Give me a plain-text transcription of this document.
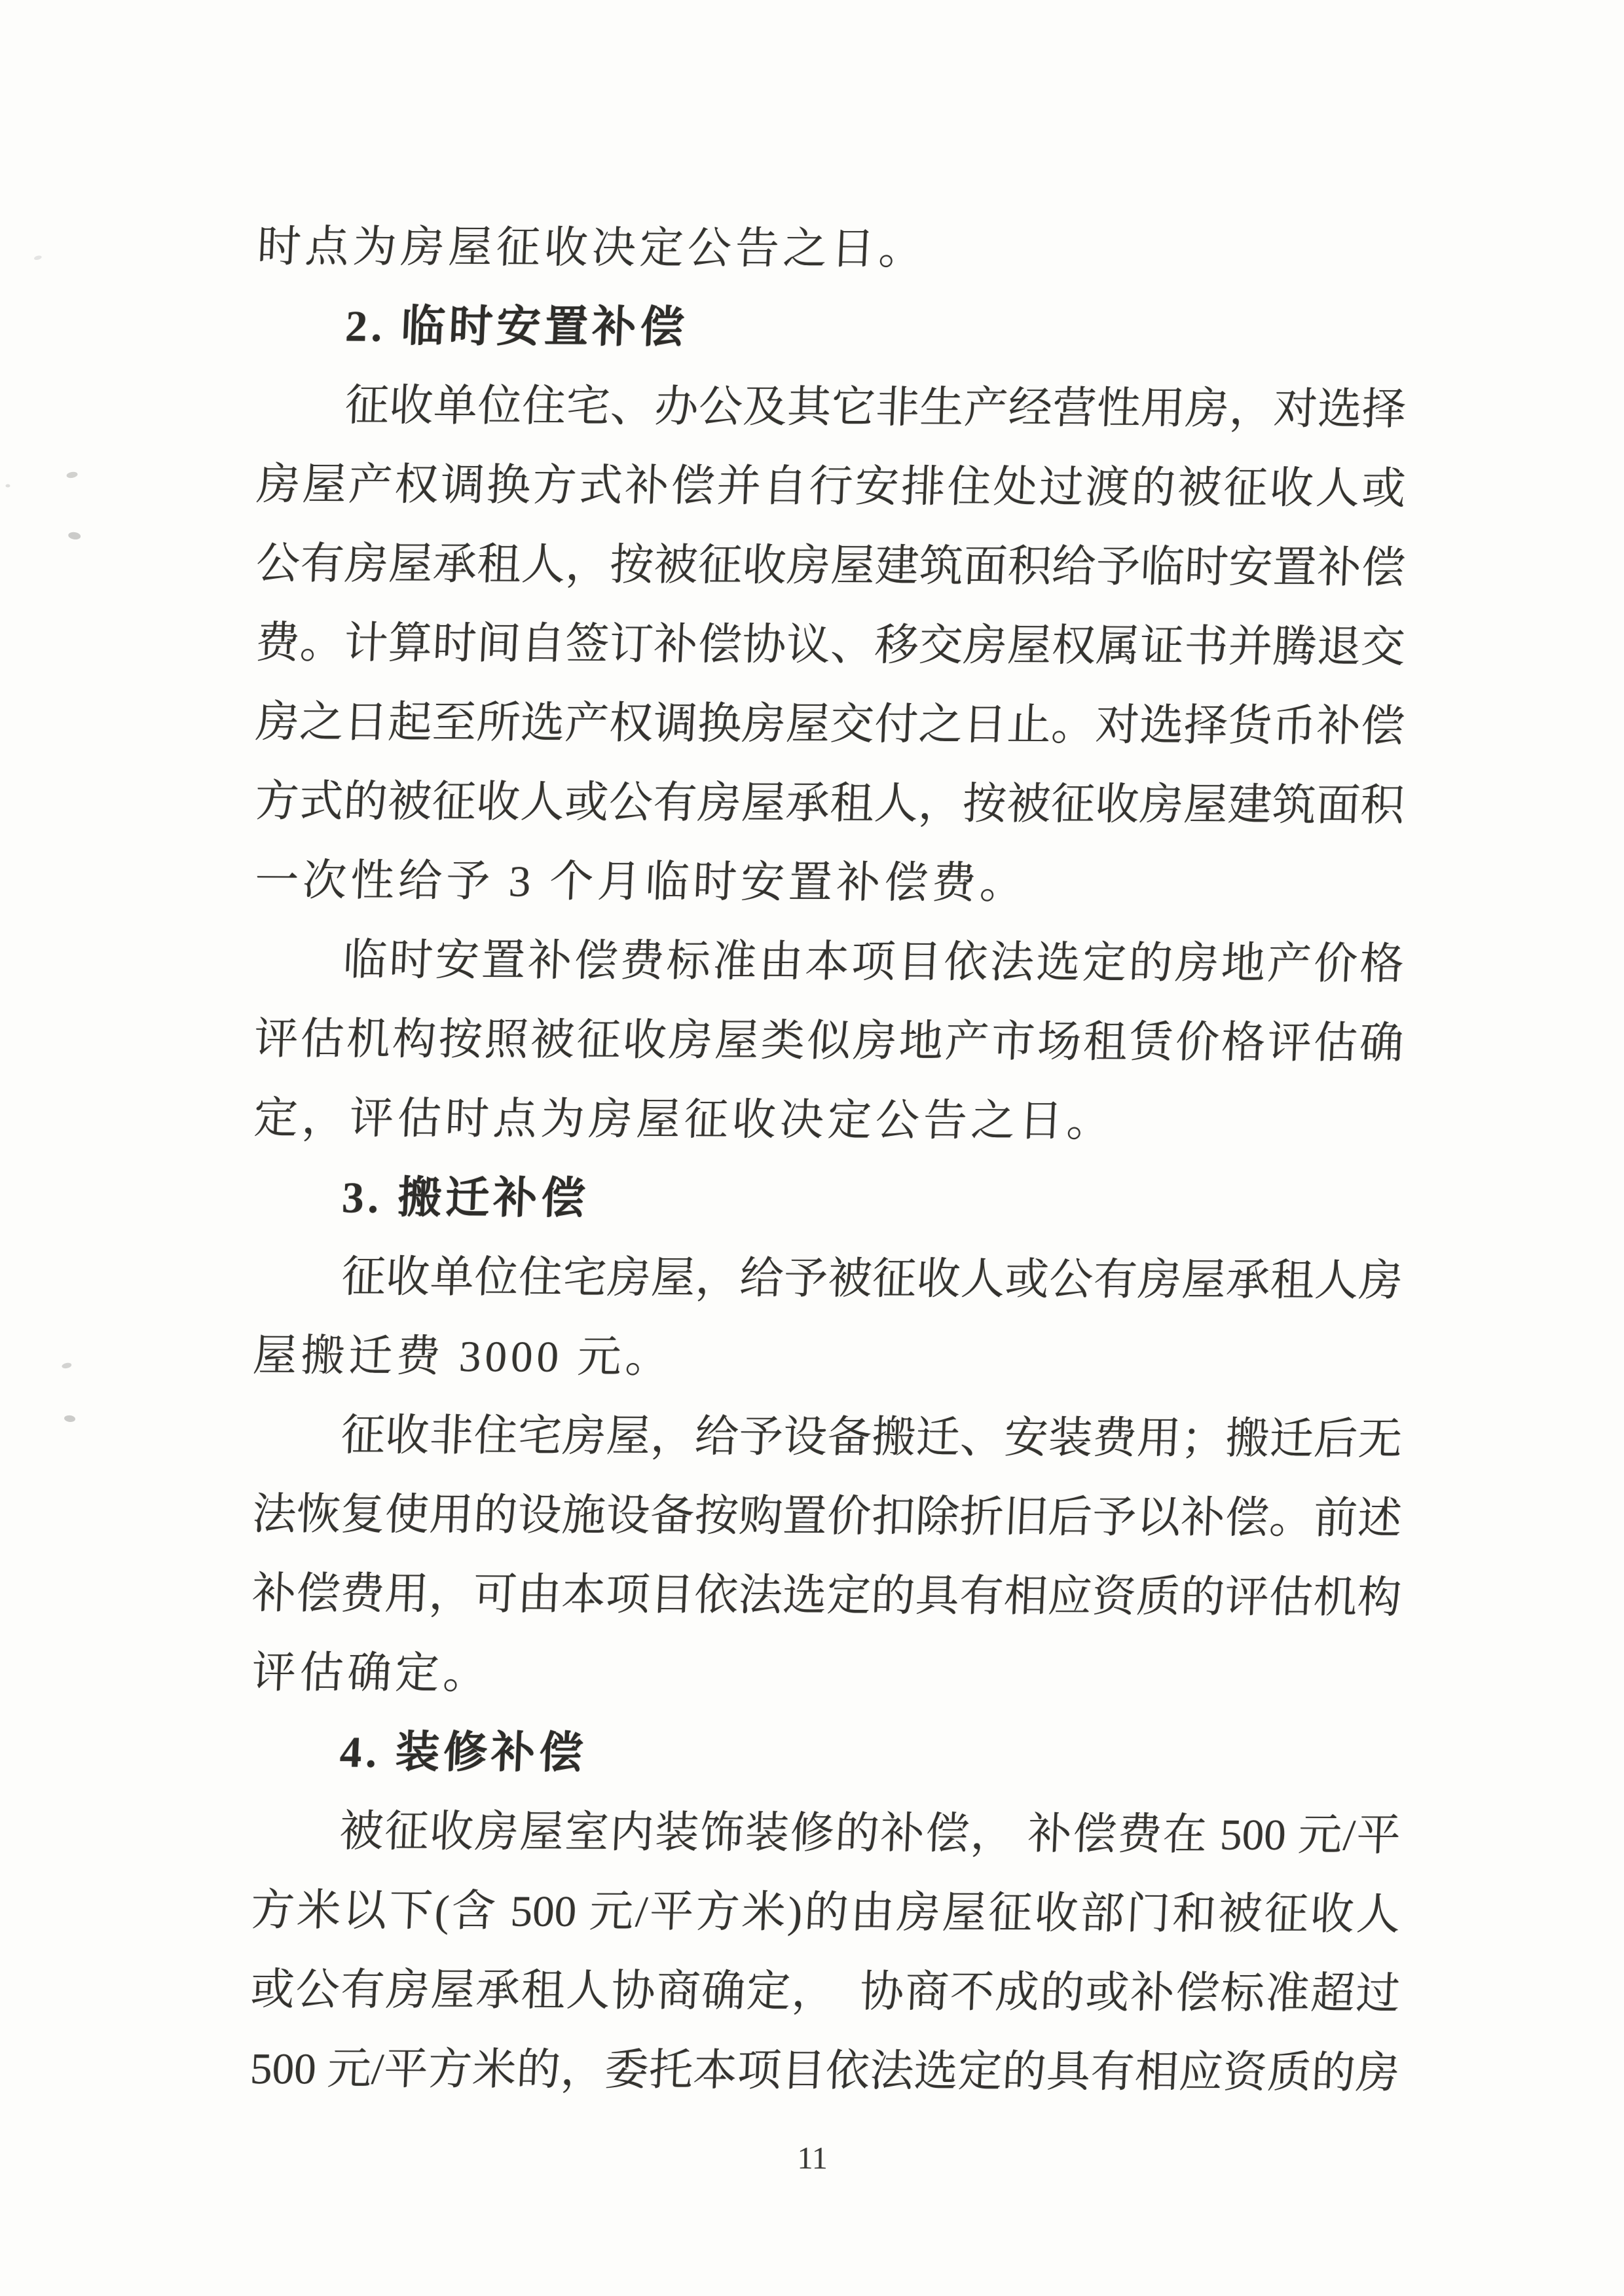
时点为房屋征收决定公告之日。
2. 临时安置补偿
征收单位住宅、办公及其它非生产经营性用房，对选择
房屋产权调换方式补偿并自行安排住处过渡的被征收人或
公有房屋承租人，按被征收房屋建筑面积给予临时安置补偿
费。计算时间自签订补偿协议、移交房屋权属证书并腾退交
房之日起至所选产权调换房屋交付之日止。对选择货币补偿
方式的被征收人或公有房屋承租人，按被征收房屋建筑面积
一次性给予 3 个月临时安置补偿费。
临时安置补偿费标准由本项目依法选定的房地产价格
评估机构按照被征收房屋类似房地产市场租赁价格评估确
定，评估时点为房屋征收决定公告之日。
3. 搬迁补偿
征收单位住宅房屋，给予被征收人或公有房屋承租人房
屋搬迁费 3000 元。
征收非住宅房屋，给予设备搬迁、安装费用；搬迁后无
法恢复使用的设施设备按购置价扣除折旧后予以补偿。前述
补偿费用，可由本项目依法选定的具有相应资质的评估机构
评估确定。
4. 装修补偿
被征收房屋室内装饰装修的补偿， 补偿费在 500 元/平
方米以下(含 500 元/平方米)的由房屋征收部门和被征收人
或公有房屋承租人协商确定，　协商不成的或补偿标准超过
500 元/平方米的，委托本项目依法选定的具有相应资质的房
11
